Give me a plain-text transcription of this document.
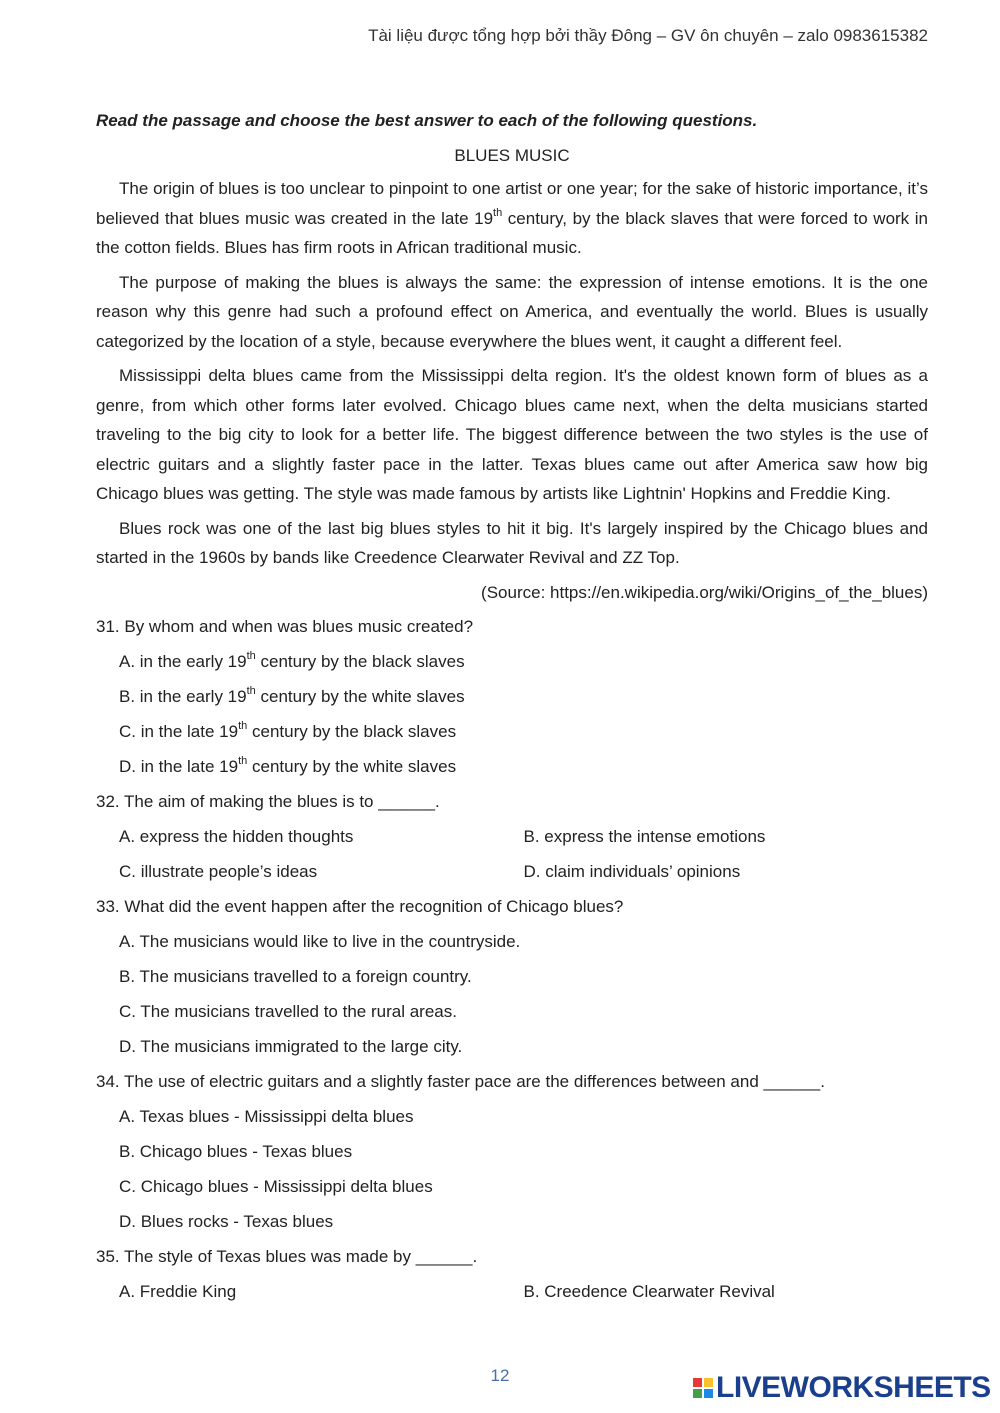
Tài liệu được tổng hợp bởi thầy Đông – GV ôn chuyên – zalo 0983615382

Read the passage and choose the best answer to each of the following questions.

BLUES MUSIC

The origin of blues is too unclear to pinpoint to one artist or one year; for the sake of historic importance, it’s believed that blues music was created in the late 19th century, by the black slaves that were forced to work in the cotton fields. Blues has firm roots in African traditional music.

The purpose of making the blues is always the same: the expression of intense emotions. It is the one reason why this genre had such a profound effect on America, and eventually the world. Blues is usually categorized by the location of a style, because everywhere the blues went, it caught a different feel.

Mississippi delta blues came from the Mississippi delta region. It's the oldest known form of blues as a genre, from which other forms later evolved. Chicago blues came next, when the delta musicians started traveling to the big city to look for a better life. The biggest difference between the two styles is the use of electric guitars and a slightly faster pace in the latter. Texas blues came out after America saw how big Chicago blues was getting. The style was made famous by artists like Lightnin' Hopkins and Freddie King.

Blues rock was one of the last big blues styles to hit it big. It's largely inspired by the Chicago blues and started in the 1960s by bands like Creedence Clearwater Revival and ZZ Top.

(Source: https://en.wikipedia.org/wiki/Origins_of_the_blues)

31. By whom and when was blues music created?

A. in the early 19th century by the black slaves

B. in the early 19th century by the white slaves

C. in the late 19th century by the black slaves

D. in the late 19th century by the white slaves

32. The aim of making the blues is to ______.

A. express the hidden thoughts	B. express the intense emotions
C. illustrate people’s ideas	D. claim individuals’ opinions

33. What did the event happen after the recognition of Chicago blues?

A. The musicians would like to live in the countryside.

B. The musicians travelled to a foreign country.

C. The musicians travelled to the rural areas.

D. The musicians immigrated to the large city.

34. The use of electric guitars and a slightly faster pace are the differences between and ______.

A. Texas blues - Mississippi delta blues

B. Chicago blues - Texas blues

C. Chicago blues - Mississippi delta blues

D. Blues rocks - Texas blues

35. The style of Texas blues was made by ______.

A. Freddie King	B. Creedence Clearwater Revival
12	LIVEWORKSHEETS
